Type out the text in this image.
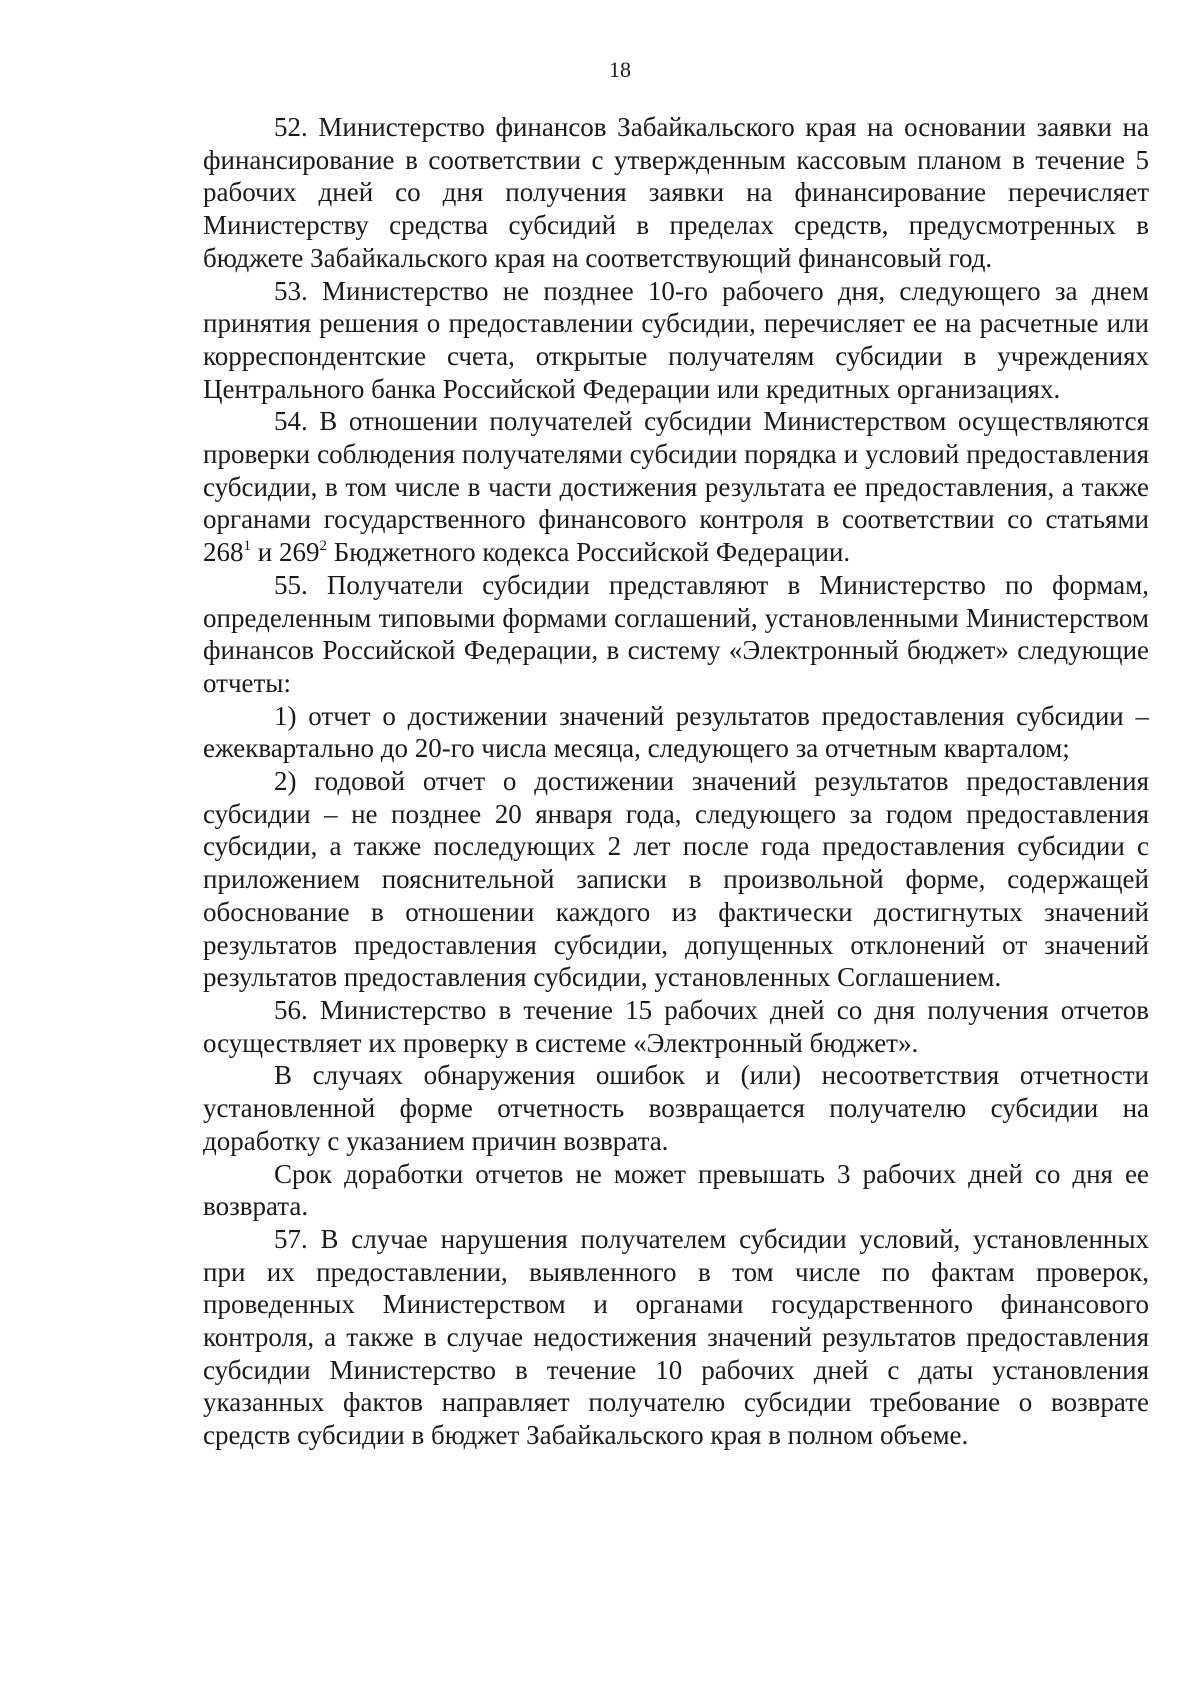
18

52. Министерство финансов Забайкальского края на основании заявки на финансирование в соответствии с утвержденным кассовым планом в течение 5 рабочих дней со дня получения заявки на финансирование перечисляет Министерству средства субсидий в пределах средств, предусмотренных в бюджете Забайкальского края на соответствующий финансовый год.

53. Министерство не позднее 10-го рабочего дня, следующего за днем принятия решения о предоставлении субсидии, перечисляет ее на расчетные или корреспондентские счета, открытые получателям субсидии в учреждениях Центрального банка Российской Федерации или кредитных организациях.

54. В отношении получателей субсидии Министерством осуществляются проверки соблюдения получателями субсидии порядка и условий предоставления субсидии, в том числе в части достижения результата ее предоставления, а также органами государственного финансового контроля в соответствии со статьями $268^1$ и $269^2$ Бюджетного кодекса Российской Федерации.

55. Получатели субсидии представляют в Министерство по формам, определенным типовыми формами соглашений, установленными Министерством финансов Российской Федерации, в систему «Электронный бюджет» следующие отчеты:

1) отчет о достижении значений результатов предоставления субсидии – ежеквартально до 20-го числа месяца, следующего за отчетным кварталом;

2) годовой отчет о достижении значений результатов предоставления субсидии – не позднее 20 января года, следующего за годом предоставления субсидии, а также последующих 2 лет после года предоставления субсидии с приложением пояснительной записки в произвольной форме, содержащей обоснование в отношении каждого из фактически достигнутых значений результатов предоставления субсидии, допущенных отклонений от значений результатов предоставления субсидии, установленных Соглашением.

56. Министерство в течение 15 рабочих дней со дня получения отчетов осуществляет их проверку в системе «Электронный бюджет».

В случаях обнаружения ошибок и (или) несоответствия отчетности установленной форме отчетность возвращается получателю субсидии на доработку с указанием причин возврата.

Срок доработки отчетов не может превышать 3 рабочих дней со дня ее возврата.

57. В случае нарушения получателем субсидии условий, установленных при их предоставлении, выявленного в том числе по фактам проверок, проведенных Министерством и органами государственного финансового контроля, а также в случае недостижения значений результатов предоставления субсидии Министерство в течение 10 рабочих дней с даты установления указанных фактов направляет получателю субсидии требование о возврате средств субсидии в бюджет Забайкальского края в полном объеме.
